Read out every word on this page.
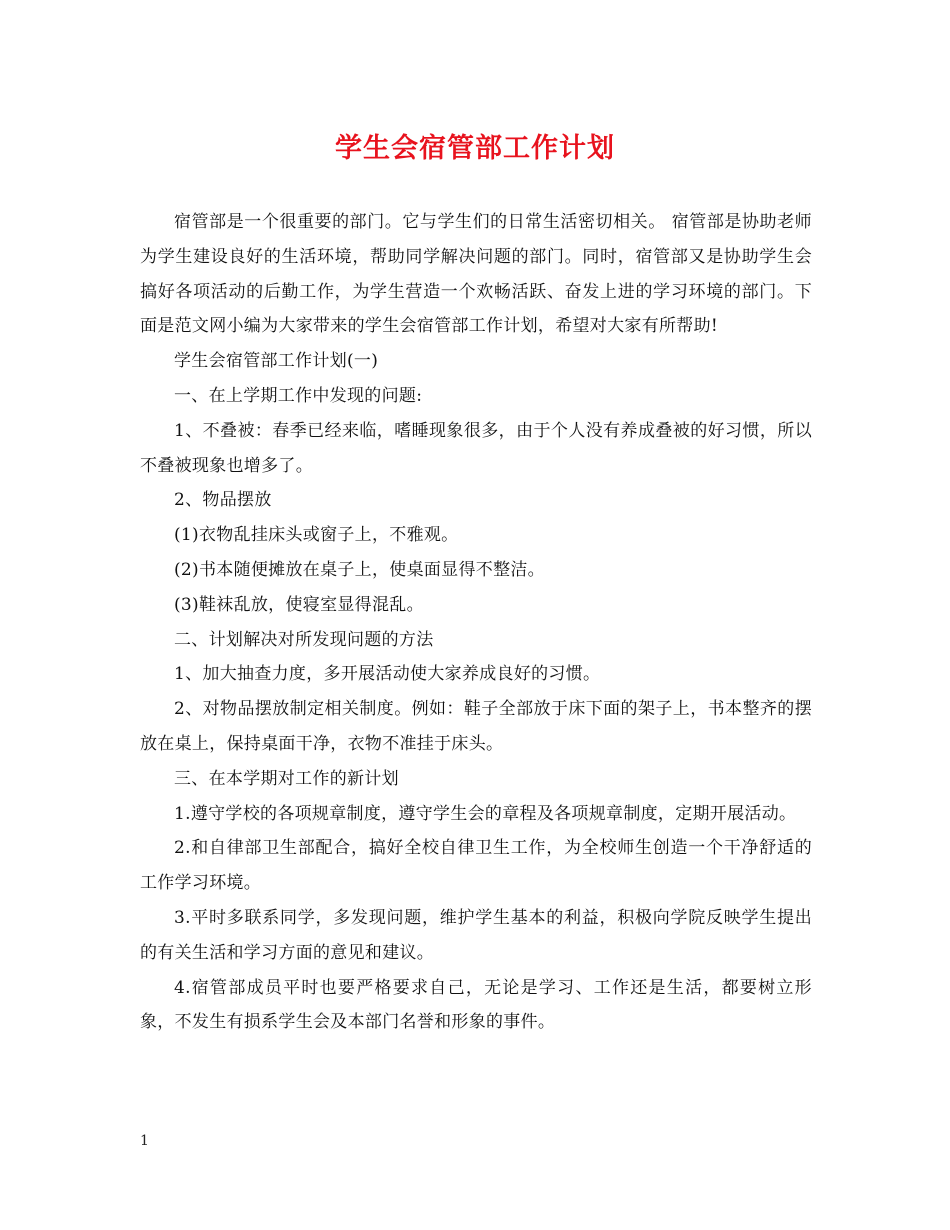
学生会宿管部工作计划

宿管部是一个很重要的部门。它与学生们的日常生活密切相关。 宿管部是协助老师为学生建设良好的生活环境，帮助同学解决问题的部门。同时，宿管部又是协助学生会搞好各项活动的后勤工作，为学生营造一个欢畅活跃、奋发上进的学习环境的部门。下面是范文网小编为大家带来的学生会宿管部工作计划，希望对大家有所帮助!

学生会宿管部工作计划(一)

一、在上学期工作中发现的问题:

1、不叠被：春季已经来临，嗜睡现象很多，由于个人没有养成叠被的好习惯，所以不叠被现象也增多了。

2、物品摆放

(1)衣物乱挂床头或窗子上，不雅观。

(2)书本随便摊放在桌子上，使桌面显得不整洁。

(3)鞋袜乱放，使寝室显得混乱。

二、计划解决对所发现问题的方法

1、加大抽查力度，多开展活动使大家养成良好的习惯。

2、对物品摆放制定相关制度。例如：鞋子全部放于床下面的架子上，书本整齐的摆放在桌上，保持桌面干净，衣物不准挂于床头。

三、在本学期对工作的新计划

1.遵守学校的各项规章制度，遵守学生会的章程及各项规章制度，定期开展活动。

2.和自律部卫生部配合，搞好全校自律卫生工作，为全校师生创造一个干净舒适的工作学习环境。

3.平时多联系同学，多发现问题，维护学生基本的利益，积极向学院反映学生提出的有关生活和学习方面的意见和建议。

4.宿管部成员平时也要严格要求自己，无论是学习、工作还是生活，都要树立形象，不发生有损系学生会及本部门名誉和形象的事件。

1
